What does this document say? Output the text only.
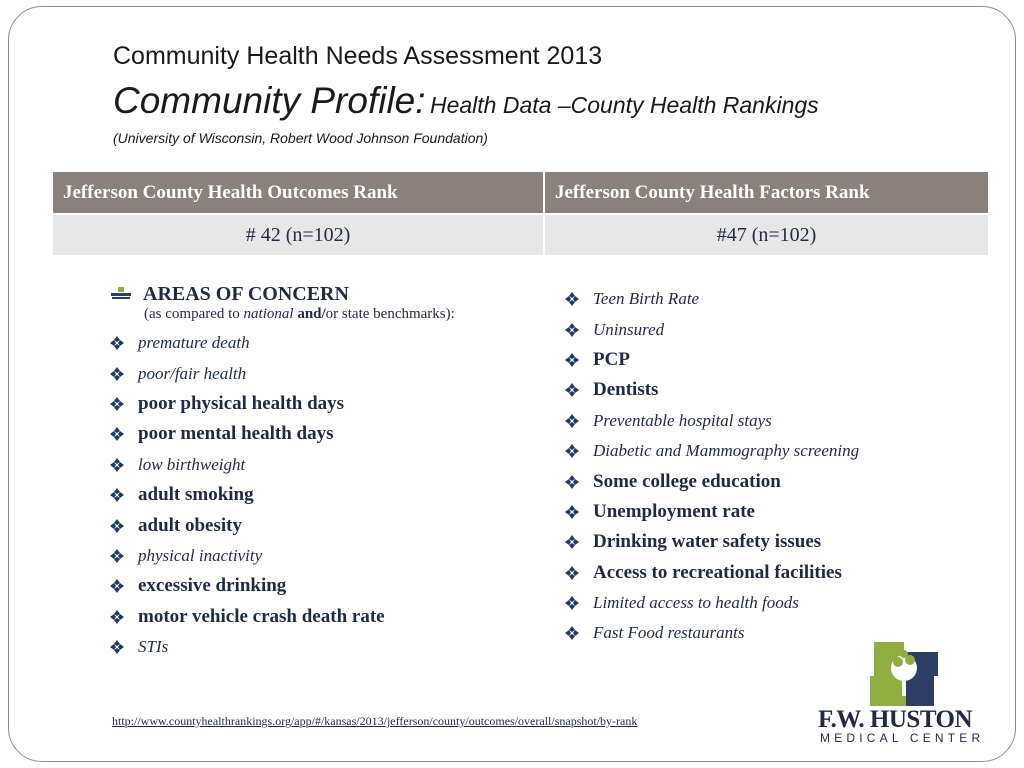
Community Health Needs Assessment 2013
Community Profile: Health Data –County Health Rankings
(University of Wisconsin, Robert Wood Johnson Foundation)
Jefferson County Health Outcomes Rank	Jefferson County Health Factors Rank
# 42 (n=102)	#47 (n=102)
AREAS OF CONCERN
(as compared to national and/or state benchmarks):
premature death
poor/fair health
poor physical health days
poor mental health days
low birthweight
adult smoking
adult obesity
physical inactivity
excessive drinking
motor vehicle crash death rate
STIs
Teen Birth Rate
Uninsured
PCP
Dentists
Preventable hospital stays
Diabetic and Mammography screening
Some college education
Unemployment rate
Drinking water safety issues
Access to recreational facilities
Limited access to health foods
Fast Food restaurants
http://www.countyhealthrankings.org/app/#/kansas/2013/jefferson/county/outcomes/overall/snapshot/by-rank	F.W. HUSTON
MEDICAL CENTER
